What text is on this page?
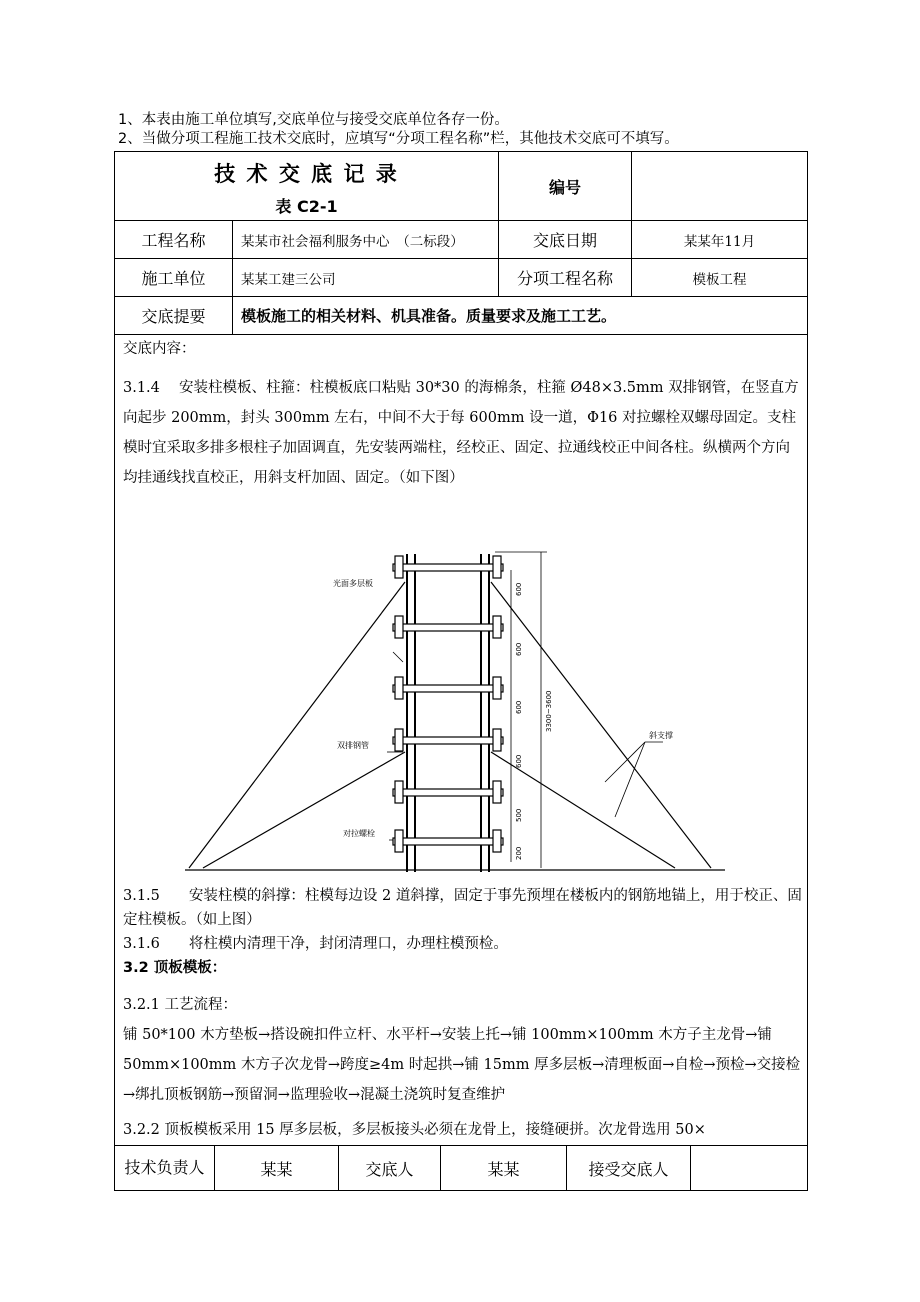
1、本表由施工单位填写,交底单位与接受交底单位各存一份。
2、当做分项工程施工技术交底时，应填写“分项工程名称”栏，其他技术交底可不填写。
技 术 交 底 记 录
表 C2-1
编号
工程名称	某某市社会福利服务中心　（二标段）	交底日期	某某年11月
施工单位	某某工建三公司	分项工程名称	模板工程
交底提要	模板施工的相关材料、机具准备。质量要求及施工工艺。
交底内容：

3.1.4　 安装柱模板、柱箍：柱模板底口粘贴 30*30 的海棉条，柱箍 Ø48×3.5mm 双排钢管，在竖直方向起步 200mm，封头 300mm 左右，中间不大于每 600mm 设一道，Φ16 对拉螺栓双螺母固定。支柱模时宜采取多排多根柱子加固调直，先安装两端柱，经校正、固定、拉通线校正中间各柱。纵横两个方向均挂通线找直校正，用斜支杆加固、固定。（如下图）

光面多层板
双排钢管
对拉螺栓
斜支撑
600
600
600
600
500
200
3300~3600

3.1.5　　安装柱模的斜撑：柱模每边设 2 道斜撑，固定于事先预埋在楼板内的钢筋地锚上，用于校正、固定柱模板。（如上图）

3.1.6　　将柱模内清理干净，封闭清理口，办理柱模预检。

3.2 顶板模板：

3.2.1 工艺流程：

铺 50*100 木方垫板→搭设碗扣件立杆、水平杆→安装上托→铺 100mm×100mm 木方子主龙骨→铺 50mm×100mm 木方子次龙骨→跨度≥4m 时起拱→铺 15mm 厚多层板→清理板面→自检→预检→交接检→绑扎顶板钢筋→预留洞→监理验收→混凝土浇筑时复查维护

3.2.2 顶板模板采用 15 厚多层板，多层板接头必须在龙骨上，接缝硬拼。次龙骨选用 50×

技术负责人	某某	交底人	某某	接受交底人
